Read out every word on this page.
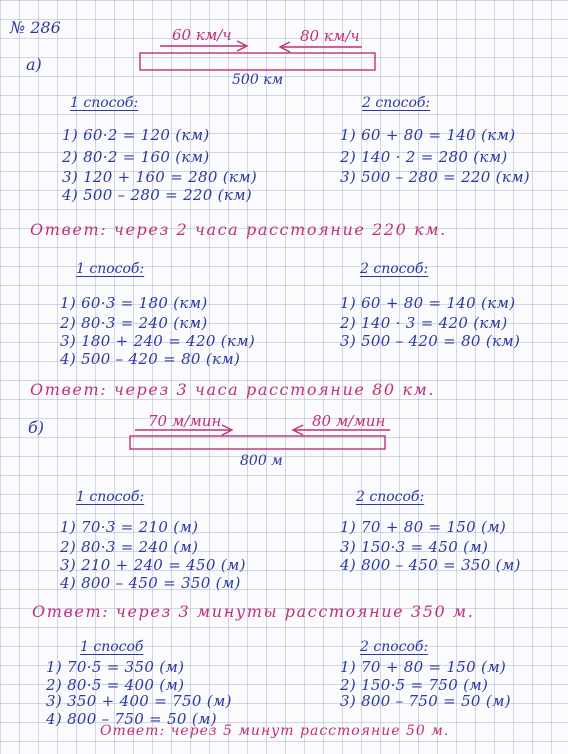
№ 286
а)
60 км/ч	80 км/ч
500 км
1 способ:
1) 60·2 = 120 (км)
2) 80·2 = 160 (км)
3) 120 + 160 = 280 (км)
4) 500 – 280 = 220 (км)
2 способ:
1) 60 + 80 = 140 (км)
2) 140 · 2 = 280 (км)
3) 500 – 280 = 220 (км)
Ответ: через 2 часа расстояние 220 км.
1 способ:
1) 60·3 = 180 (км)
2) 80·3 = 240 (км)
3) 180 + 240 = 420 (км)
4) 500 – 420 = 80 (км)
2 способ:
1) 60 + 80 = 140 (км)
2) 140 · 3 = 420 (км)
3) 500 – 420 = 80 (км)
Ответ: через 3 часа расстояние 80 км.
б)	70 м/мин	80 м/мин
800 м
1 способ:
1) 70·3 = 210 (м)
2) 80·3 = 240 (м)
3) 210 + 240 = 450 (м)
4) 800 – 450 = 350 (м)
2 способ:
1) 70 + 80 = 150 (м)
3) 150·3 = 450 (м)
4) 800 – 450 = 350 (м)
Ответ: через 3 минуты расстояние 350 м.
1 способ
1) 70·5 = 350 (м)
2) 80·5 = 400 (м)
3) 350 + 400 = 750 (м)
4) 800 – 750 = 50 (м)
2 способ:
1) 70 + 80 = 150 (м)
2) 150·5 = 750 (м)
3) 800 – 750 = 50 (м)
Ответ: через 5 минут расстояние 50 м.
